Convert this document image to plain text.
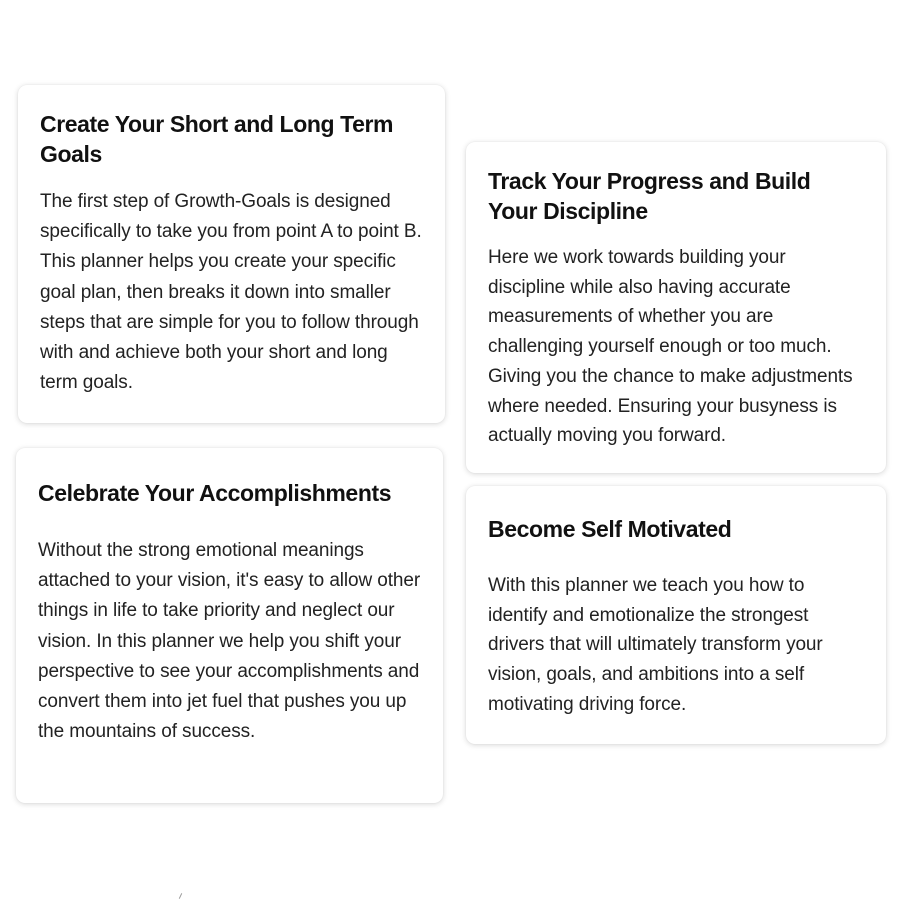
Create Your Short and Long Term Goals

The first step of Growth-Goals is designed specifically to take you from point A to point B. This planner helps you create your specific goal plan, then breaks it down into smaller steps that are simple for you to follow through with and achieve both your short and long term goals.

Track Your Progress and Build Your Discipline

Here we work towards building your discipline while also having accurate measurements of whether you are challenging yourself enough or too much. Giving you the chance to make adjustments where needed. Ensuring your busyness is actually moving you forward.

Celebrate Your Accomplishments

Without the strong emotional meanings attached to your vision, it's easy to allow other things in life to take priority and neglect our vision. In this planner we help you shift your perspective to see your accomplishments and convert them into jet fuel that pushes you up the mountains of success.

Become Self Motivated

With this planner we teach you how to identify and emotionalize the strongest drivers that will ultimately transform your vision, goals, and ambitions into a self motivating driving force.
